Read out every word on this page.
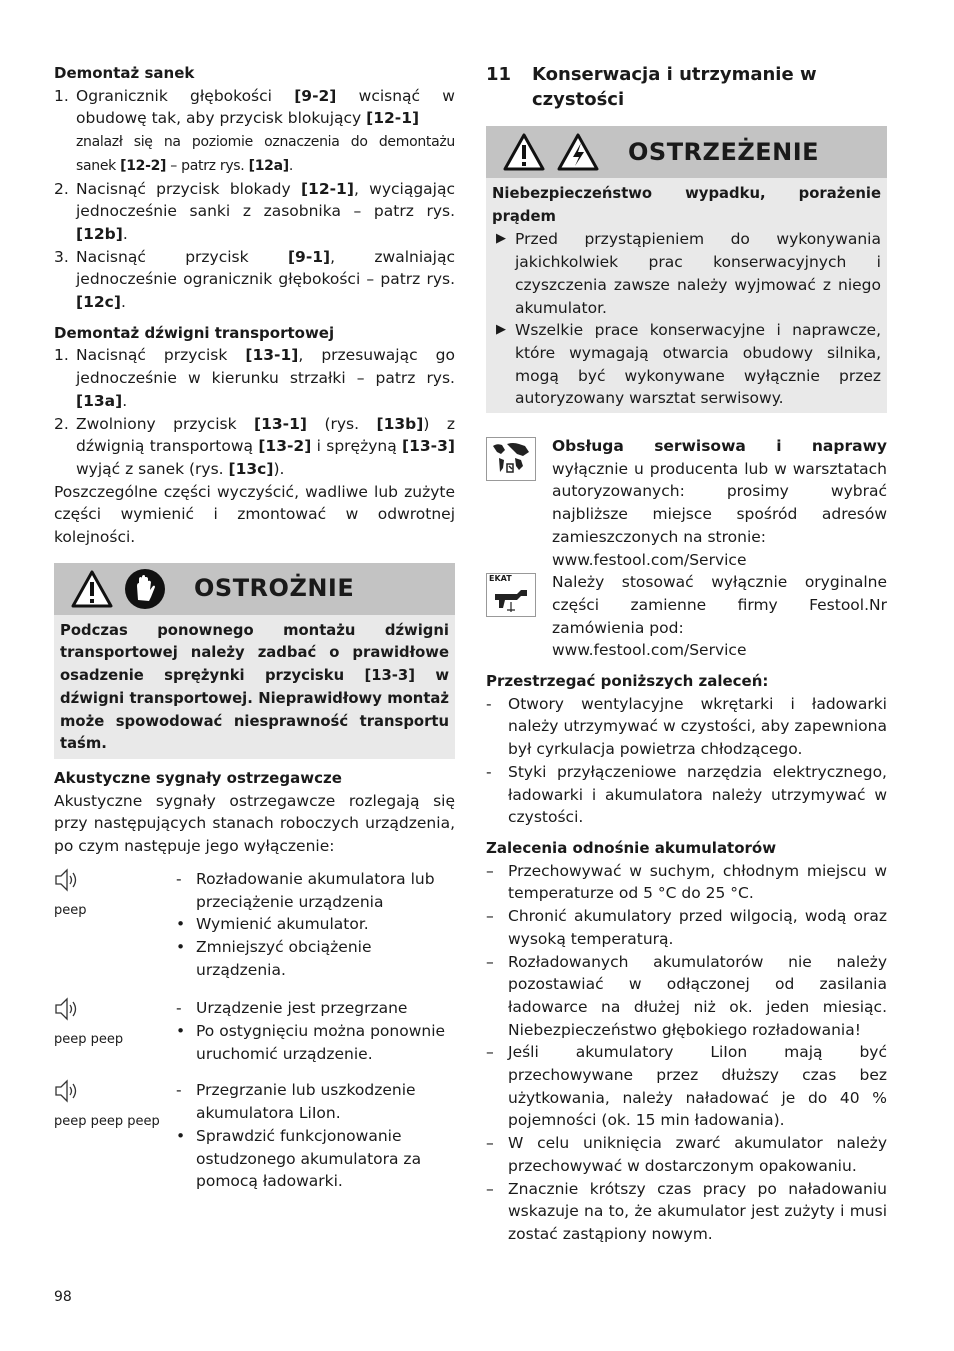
Demontaż sanek

1. Ogranicznik głębokości [9-2] wcisnąć w obudowę tak, aby przycisk blokujący [12-1]
znalazł się na poziomie oznaczenia do demontażu sanek [12-2] – patrz rys. [12a].
2. Nacisnąć przycisk blokady [12-1], wyciągając jednocześnie sanki z zasobnika – patrz rys. [12b].
3. Nacisnąć przycisk [9-1], zwalniając jednocześnie ogranicznik głębokości – patrz rys. [12c].

Demontaż dźwigni transportowej

1. Nacisnąć przycisk [13-1], przesuwając go jednocześnie w kierunku strzałki – patrz rys. [13a].
2. Zwolniony przycisk [13-1] (rys. [13b]) z dźwignią transportową [13-2] i sprężyną [13-3] wyjąć z sanek (rys. [13c]).

Poszczególne części wyczyścić, wadliwe lub zużyte części wymienić i zmontować w odwrotnej kolejności.

OSTROŻNIE

Podczas ponownego montażu dźwigni transportowej należy zadbać o prawidłowe osadzenie sprężynki przycisku [13-3] w dźwigni transportowej. Nieprawidłowy montaż może spowodować niesprawność transportu taśm.

Akustyczne sygnały ostrzegawcze

Akustyczne sygnały ostrzegawcze rozlegają się przy następujących stanach roboczych urządzenia, po czym następuje jego wyłączenie:

peep
- Rozładowanie akumulatora lub przeciążenie urządzenia
• Wymienić akumulator.
• Zmniejszyć obciążenie urządzenia.
peep peep
- Urządzenie jest przegrzane
• Po ostygnięciu można ponownie uruchomić urządzenie.
peep peep peep
- Przegrzanie lub uszkodzenie akumulatora LiIon.
• Sprawdzić funkcjonowanie ostudzonego akumulatora za pomocą ładowarki.
11	Konserwacja i utrzymanie w czystości
OSTRZEŻENIE

Niebezpieczeństwo wypadku, porażenie prądem

▶ Przed przystąpieniem do wykonywania jakichkolwiek prac konserwacyjnych i czyszczenia zawsze należy wyjmować z niego akumulator.
▶ Wszelkie prace konserwacyjne i naprawcze, które wymagają otwarcia obudowy silnika, mogą być wykonywane wyłącznie przez autoryzowany warsztat serwisowy.
Obsługa serwisowa i naprawy wyłącznie u producenta lub w warsztatach autoryzowanych: prosimy wybrać najbliższe miejsce spośród adresów zamieszczonych na stronie:
www.festool.com/Service
EKAT	Należy stosować wyłącznie oryginalne części zamienne firmy Festool.Nr zamówienia pod:
www.festool.com/Service

Przestrzegać poniższych zaleceń:

- Otwory wentylacyjne wkrętarki i ładowarki należy utrzymywać w czystości, aby zapewniona był cyrkulacja powietrza chłodzącego.
- Styki przyłączeniowe narzędzia elektrycznego, ładowarki i akumulatora należy utrzymywać w czystości.

Zalecenia odnośnie akumulatorów

– Przechowywać w suchym, chłodnym miejscu w temperaturze od 5 °C do 25 °C.
– Chronić akumulatory przed wilgocią, wodą oraz wysoką temperaturą.
– Rozładowanych akumulatorów nie należy pozostawiać w odłączonej od zasilania ładowarce na dłużej niż ok. jeden miesiąc. Niebezpieczeństwo głębokiego rozładowania!
– Jeśli akumulatory LiIon mają być przechowywane przez dłuższy czas bez użytkowania, należy naładować je do 40 % pojemności (ok. 15 min ładowania).
– W celu uniknięcia zwarć akumulator należy przechowywać w dostarczonym opakowaniu.
– Znacznie krótszy czas pracy po naładowaniu wskazuje na to, że akumulator jest zużyty i musi zostać zastąpiony nowym.
98
